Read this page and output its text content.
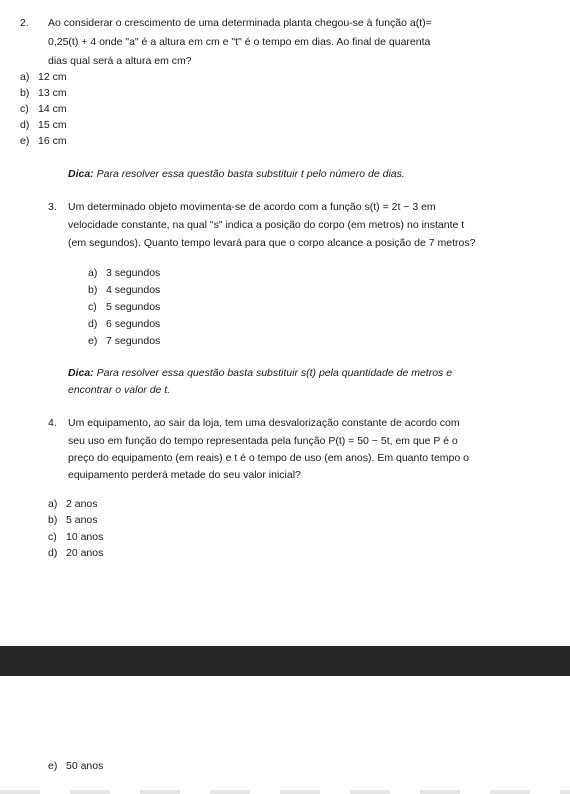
2. Ao considerar o crescimento de uma determinada planta chegou-se à função a(t)=
0,25(t) + 4 onde "a" é a altura em cm e "t" é o tempo em dias. Ao final de quarenta
dias qual será a altura em cm?
a) 12 cm
b) 13 cm
c) 14 cm
d) 15 cm
e) 16 cm
Dica: Para resolver essa questão basta substituir t pelo número de dias.
3. Um determinado objeto movimenta-se de acordo com a função s(t) = 2t − 3 em
velocidade constante, na qual "s" indica a posição do corpo (em metros) no instante t
(em segundos). Quanto tempo levará para que o corpo alcance a posição de 7 metros?
a) 3 segundos
b) 4 segundos
c) 5 segundos
d) 6 segundos
e) 7 segundos
Dica: Para resolver essa questão basta substituir s(t) pela quantidade de metros e
encontrar o valor de t.
4. Um equipamento, ao sair da loja, tem uma desvalorização constante de acordo com
seu uso em função do tempo representada pela função P(t) = 50 − 5t, em que P é o
preço do equipamento (em reais) e t é o tempo de uso (em anos). Em quanto tempo o
equipamento perderá metade do seu valor inicial?
a) 2 anos
b) 5 anos
c) 10 anos
d) 20 anos
e) 50 anos
